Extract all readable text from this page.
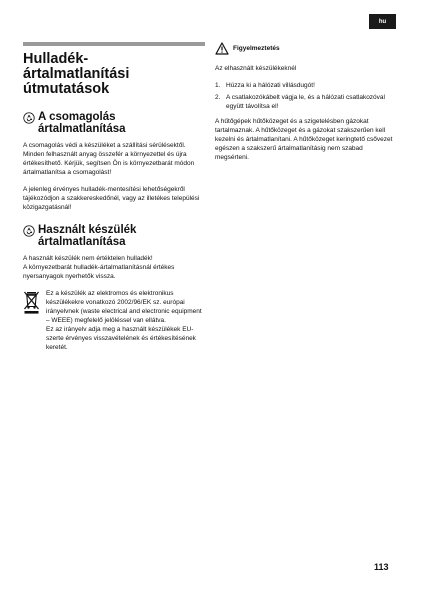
hu
Hulladék-
ártalmatlanítási
útmutatások
A csomagolás ártalmatlanítása

A csomagolás védi a készüléket a szállítási sérülésektől. Minden felhasznált anyag összefér a környezettel és újra értékesíthető. Kérjük, segítsen Ön is környezetbarát módon ártalmatlanítsa a csomagolást!

A jelenleg érvényes hulladék-mentesítési lehetőségekről tájékozódjon a szakkereskedőnél, vagy az illetékes települési közigazgatásnál!

Használt készülék ártalmatlanítása

A használt készülék nem értéktelen hulladék!
A környezetbarát hulladék-ártalmatlanításnál értékes nyersanyagok nyerhetők vissza.

Ez a készülék az elektromos és elektronikus készülékekre vonatkozó 2002/96/EK sz. európai irányelvnek (waste electrical and electronic equipment – WEEE) megfelelő jelöléssel van ellátva.
Ez az irányelv adja meg a használt készülékek EU-szerte érvényes visszavételének és értékesítésének keretét.

Figyelmeztetés

Az elhasznált készülékeknél

1. Húzza ki a hálózati villásdugót!
2. A csatlakozókábelt vágja le, és a hálózati csatlakozóval együtt távolítsa el!

A hűtőgépek hűtőközeget és a szigetelésben gázokat tartalmaznak. A hűtőközeget és a gázokat szakszerűen kell kezelni és ártalmatlanítani. A hűtőközeget keringtető csővezet egészen a szakszerű ártalmatlanításig nem szabad megsérteni.

113
